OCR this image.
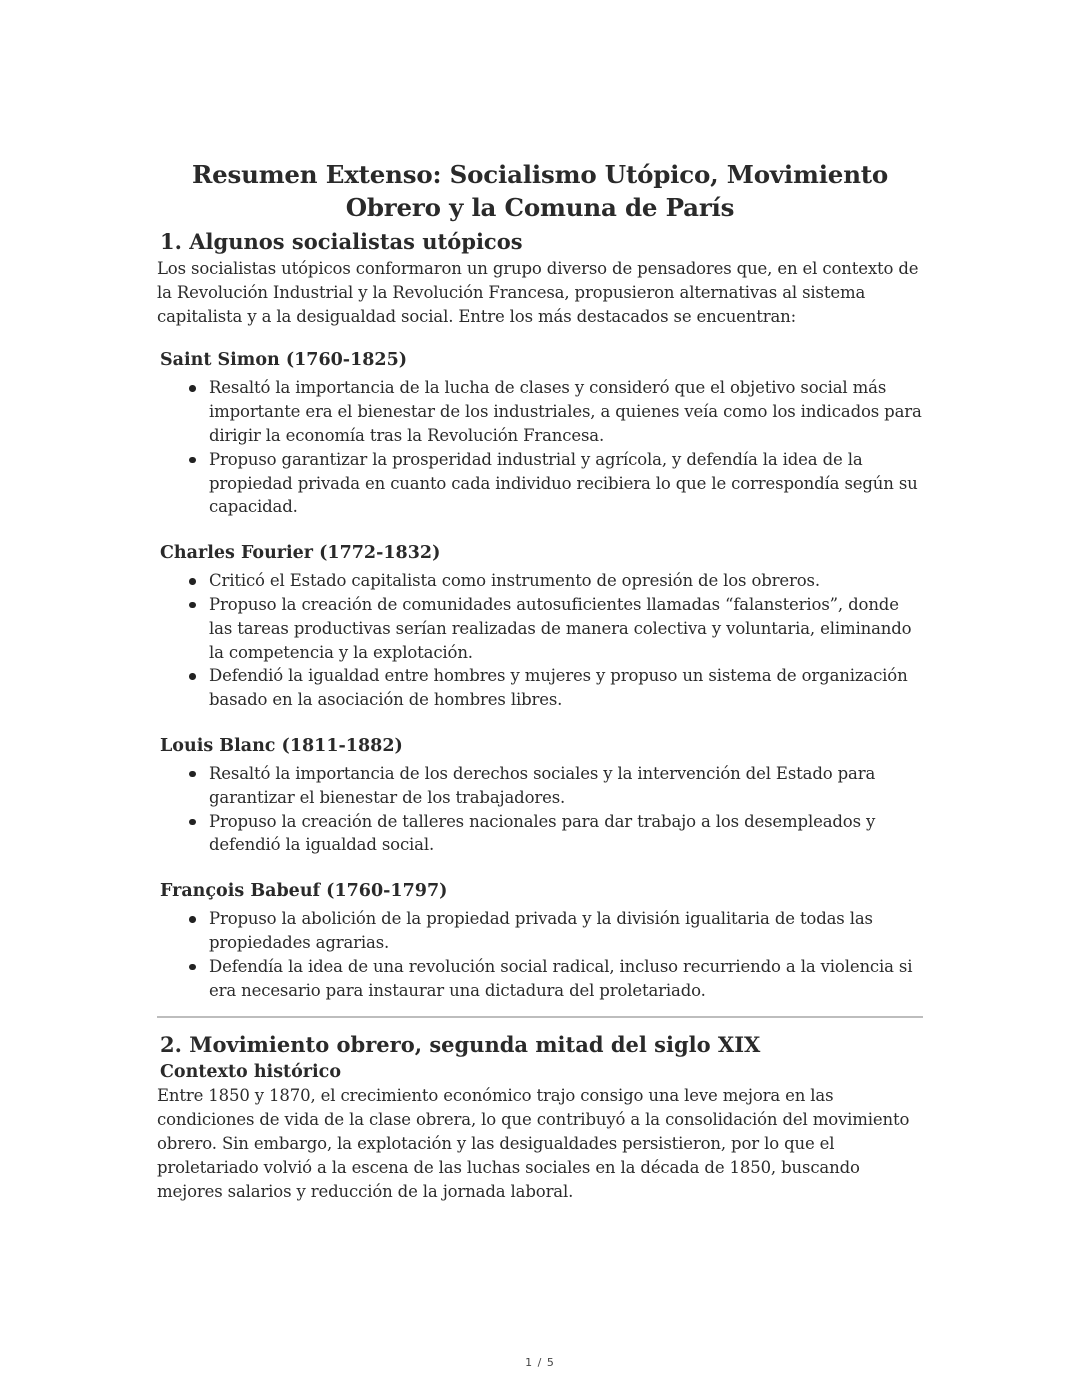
Resumen Extenso: Socialismo Utópico, Movimiento Obrero y la Comuna de París
1. Algunos socialistas utópicos

Los socialistas utópicos conformaron un grupo diverso de pensadores que, en el contexto de la Revolución Industrial y la Revolución Francesa, propusieron alternativas al sistema capitalista y a la desigualdad social. Entre los más destacados se encuentran:

Saint Simon (1760-1825)
Resaltó la importancia de la lucha de clases y consideró que el objetivo social más importante era el bienestar de los industriales, a quienes veía como los indicados para dirigir la economía tras la Revolución Francesa.
Propuso garantizar la prosperidad industrial y agrícola, y defendía la idea de la propiedad privada en cuanto cada individuo recibiera lo que le correspondía según su capacidad.
Charles Fourier (1772-1832)
Criticó el Estado capitalista como instrumento de opresión de los obreros.
Propuso la creación de comunidades autosuficientes llamadas “falansterios”, donde las tareas productivas serían realizadas de manera colectiva y voluntaria, eliminando la competencia y la explotación.
Defendió la igualdad entre hombres y mujeres y propuso un sistema de organización basado en la asociación de hombres libres.
Louis Blanc (1811-1882)
Resaltó la importancia de los derechos sociales y la intervención del Estado para garantizar el bienestar de los trabajadores.
Propuso la creación de talleres nacionales para dar trabajo a los desempleados y defendió la igualdad social.
François Babeuf (1760-1797)
Propuso la abolición de la propiedad privada y la división igualitaria de todas las propiedades agrarias.
Defendía la idea de una revolución social radical, incluso recurriendo a la violencia si era necesario para instaurar una dictadura del proletariado.
2. Movimiento obrero, segunda mitad del siglo XIX
Contexto histórico

Entre 1850 y 1870, el crecimiento económico trajo consigo una leve mejora en las condiciones de vida de la clase obrera, lo que contribuyó a la consolidación del movimiento obrero. Sin embargo, la explotación y las desigualdades persistieron, por lo que el proletariado volvió a la escena de las luchas sociales en la década de 1850, buscando mejores salarios y reducción de la jornada laboral.

1 / 5
